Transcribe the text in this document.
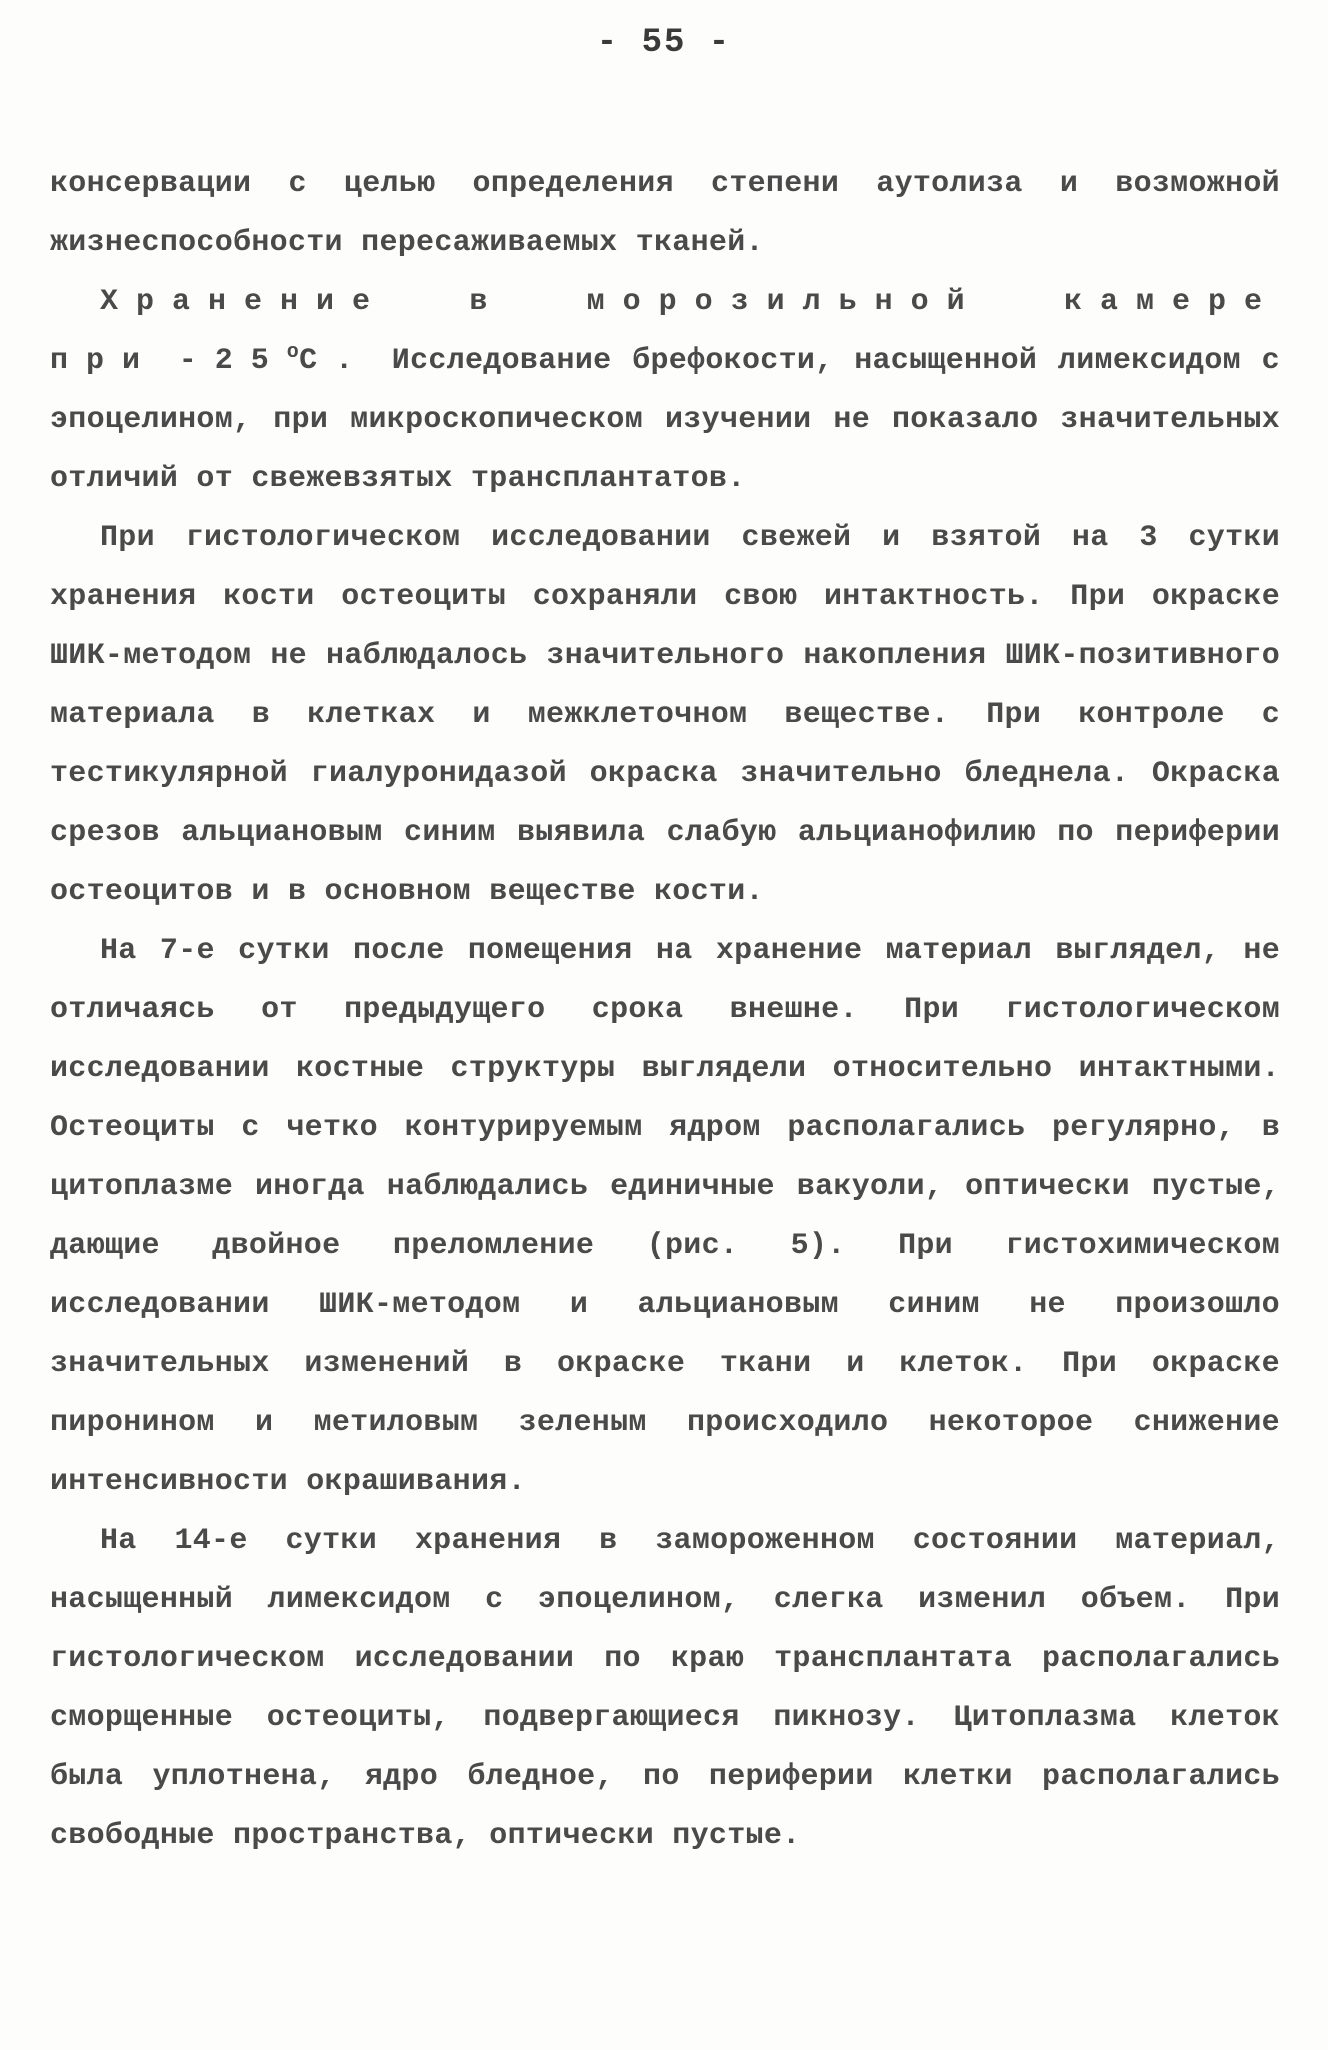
- 55 -

консервации с целью определения степени аутолиза и возможной жизнеспособности пересаживаемых тканей.

Хранение в морозильной камере при $-25^оС$. Исследование брефокости, насыщенной лимексидом с эпоцелином, при микроскопическом изучении не показало значительных отличий от свежевзятых трансплантатов.

При гистологическом исследовании свежей и взятой на 3 сутки хранения кости остеоциты сохраняли свою интактность. При окраске ШИК-методом не наблюдалось значительного накопления ШИК-позитивного материала в клетках и межклеточном веществе. При контроле с тестикулярной гиалуронидазой окраска значительно бледнела. Окраска срезов альциановым синим выявила слабую альцианофилию по периферии остеоцитов и в основном веществе кости.

На 7-е сутки после помещения на хранение материал выглядел, не отличаясь от предыдущего срока внешне. При гистологическом исследовании костные структуры выглядели относительно интактными. Остеоциты с четко контурируемым ядром располагались регулярно, в цитоплазме иногда наблюдались единичные вакуоли, оптически пустые, дающие двойное преломление (рис. 5). При гистохимическом исследовании ШИК-методом и альциановым синим не произошло значительных изменений в окраске ткани и клеток. При окраске пиронином и метиловым зеленым происходило некоторое снижение интенсивности окрашивания.

На 14-е сутки хранения в замороженном состоянии материал, насыщенный лимексидом с эпоцелином, слегка изменил объем. При гистологическом исследовании по краю трансплантата располагались сморщенные остеоциты, подвергающиеся пикнозу. Цитоплазма клеток была уплотнена, ядро бледное, по периферии клетки располагались свободные пространства, оптически пустые.
